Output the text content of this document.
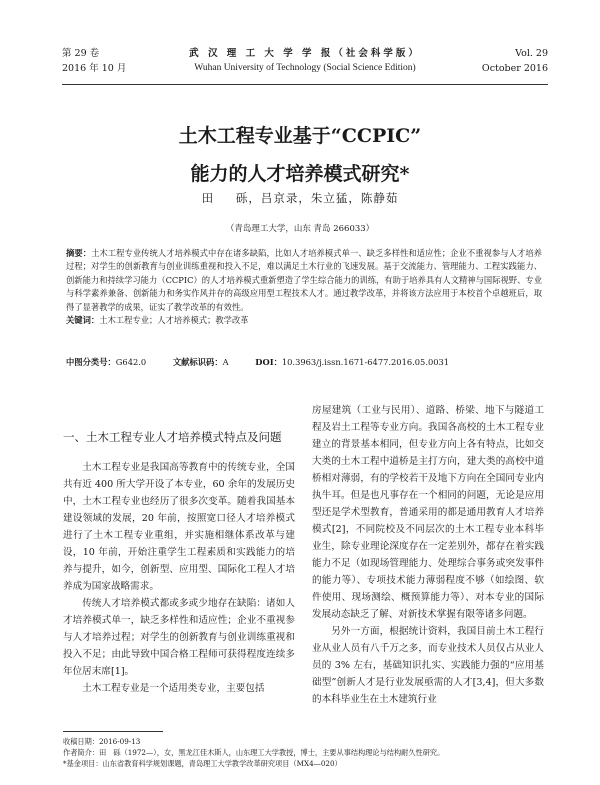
第 29 卷
2016 年 10 月
武 汉 理 工 大 学 学 报（社会科学版）
Wuhan University of Technology (Social Science Edition)
Vol. 29
October 2016
土木工程专业基于“CCPIC”
能力的人才培养模式研究*
田 　 砾，吕京录，朱立猛，陈静茹
（青岛理工大学，山东 青岛 266033）
摘要：土木工程专业传统人才培养模式中存在诸多缺陷，比如人才培养模式单一、缺乏多样性和适应性；企业不重视参与人才培养过程；对学生的创新教育与创业训练重视和投入不足，难以满足土木行业的飞速发展。基于交流能力、管理能力、工程实践能力、创新能力和持续学习能力（CCPIC）的人才培养模式重新塑造了学生综合能力的训练，有助于培养具有人文精神与国际视野、专业与科学素养兼备、创新能力和务实作风并存的高级应用型工程技术人才。通过教学改革，并将该方法应用于本校首个卓越班后，取得了显著教学的成果，证实了教学改革的有效性。
关键词：土木工程专业；人才培养模式；教学改革
中图分类号：G642.0	文献标识码：A	DOI：10.3963/j.issn.1671-6477.2016.05.0031
一、土木工程专业人才培养模式特点及问题

土木工程专业是我国高等教育中的传统专业，全国共有近 400 所大学开设了本专业，60 余年的发展历史中，土木工程专业也经历了很多次变革。随着我国基本建设领域的发展，20 年前，按照宽口径人才培养模式进行了土木工程专业重组，并实施相继体系改革与建设，10 年前，开始注重学生工程素质和实践能力的培养与提升，如今，创新型、应用型、国际化工程人才培养成为国家战略需求。

传统人才培养模式都或多或少地存在缺陷：诸如人才培养模式单一，缺乏多样性和适应性；企业不重视参与人才培养过程；对学生的创新教育与创业训练重视和投入不足；由此导致中国合格工程师可获得程度连续多年位居末席[1]。

土木工程专业是一个适用类专业，主要包括

房屋建筑（工业与民用）、道路、桥梁、地下与隧道工程及岩土工程等专业方向。我国各高校的土木工程专业建立的背景基本相同，但专业方向上各有特点，比如交大类的土木工程中道桥是主打方向，建大类的高校中道桥相对薄弱，有的学校若干及地下方向在全国同专业内执牛耳。但是也凡事存在一个相同的问题，无论是应用型还是学术型教育，普通采用的都是通用教育人才培养模式[2]，不同院校及不同层次的土木工程专业本科毕业生，除专业理论深度存在一定差别外，都存在着实践能力不足（如现场管理能力、处理综合事务或突发事件的能力等）、专项技术能力薄弱程度不够（如绘图、软件使用、现场测绘、概预算能力等）、对本专业的国际发展动态缺乏了解、对新技术掌握有限等诸多问题。

另外一方面，根据统计资料，我国目前土木工程行业从业人员有八千万之多，而专业技术人员仅占从业人员的 3% 左右，基础知识扎实、实践能力强的“应用基础型”创新人才是行业发展亟需的人才[3,4]，但大多数的本科毕业生在土木建筑行业

收稿日期：2016-09-13
作者简介：田　砾（1972—），女，黑龙江佳木斯人，山东理工大学教授，博士，主要从事结构理论与结构耐久性研究。
*基金项目：山东省教育科学规划课题，青岛理工大学教学改革研究项目（MX4—020）
